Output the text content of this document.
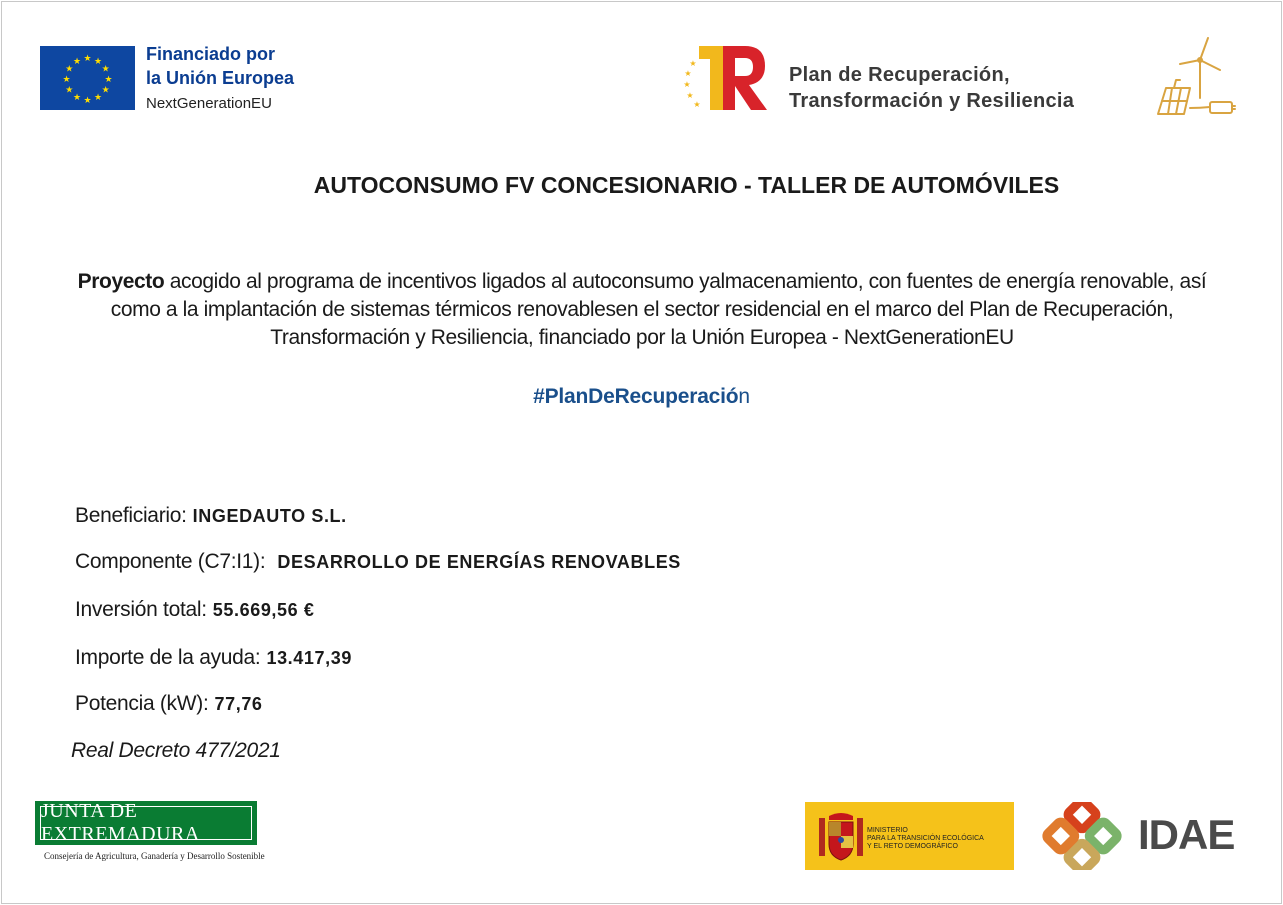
★ ★
★
★
★
★
★
★
★
★
★
★	Financiado por
la Unión Europea
NextGenerationEU
★
★
★
★
★
Plan de Recuperación,
Transformación y Resiliencia
AUTOCONSUMO FV CONCESIONARIO - TALLER DE AUTOMÓVILES
Proyecto acogido al programa de incentivos ligados al autoconsumo yalmacenamiento, con fuentes de energía renovable, así como a la implantación de sistemas térmicos renovablesen el sector residencial en el marco del Plan de Recuperación, Transformación y Resiliencia, financiado por la Unión Europea - NextGenerationEU
#PlanDeRecuperación
Beneficiario: INGEDAUTO S.L.
Componente (C7:I1): DESARROLLO DE ENERGÍAS RENOVABLES
Inversión total: 55.669,56 €
Importe de la ayuda: 13.417,39
Potencia (kW): 77,76
Real Decreto 477/2021
JUNTA DE EXTREMADURA
Consejería de Agricultura, Ganadería y Desarrollo Sostenible
MINISTERIO
PARA LA TRANSICIÓN ECOLÓGICA
Y EL RETO DEMOGRÁFICO	IDAE
